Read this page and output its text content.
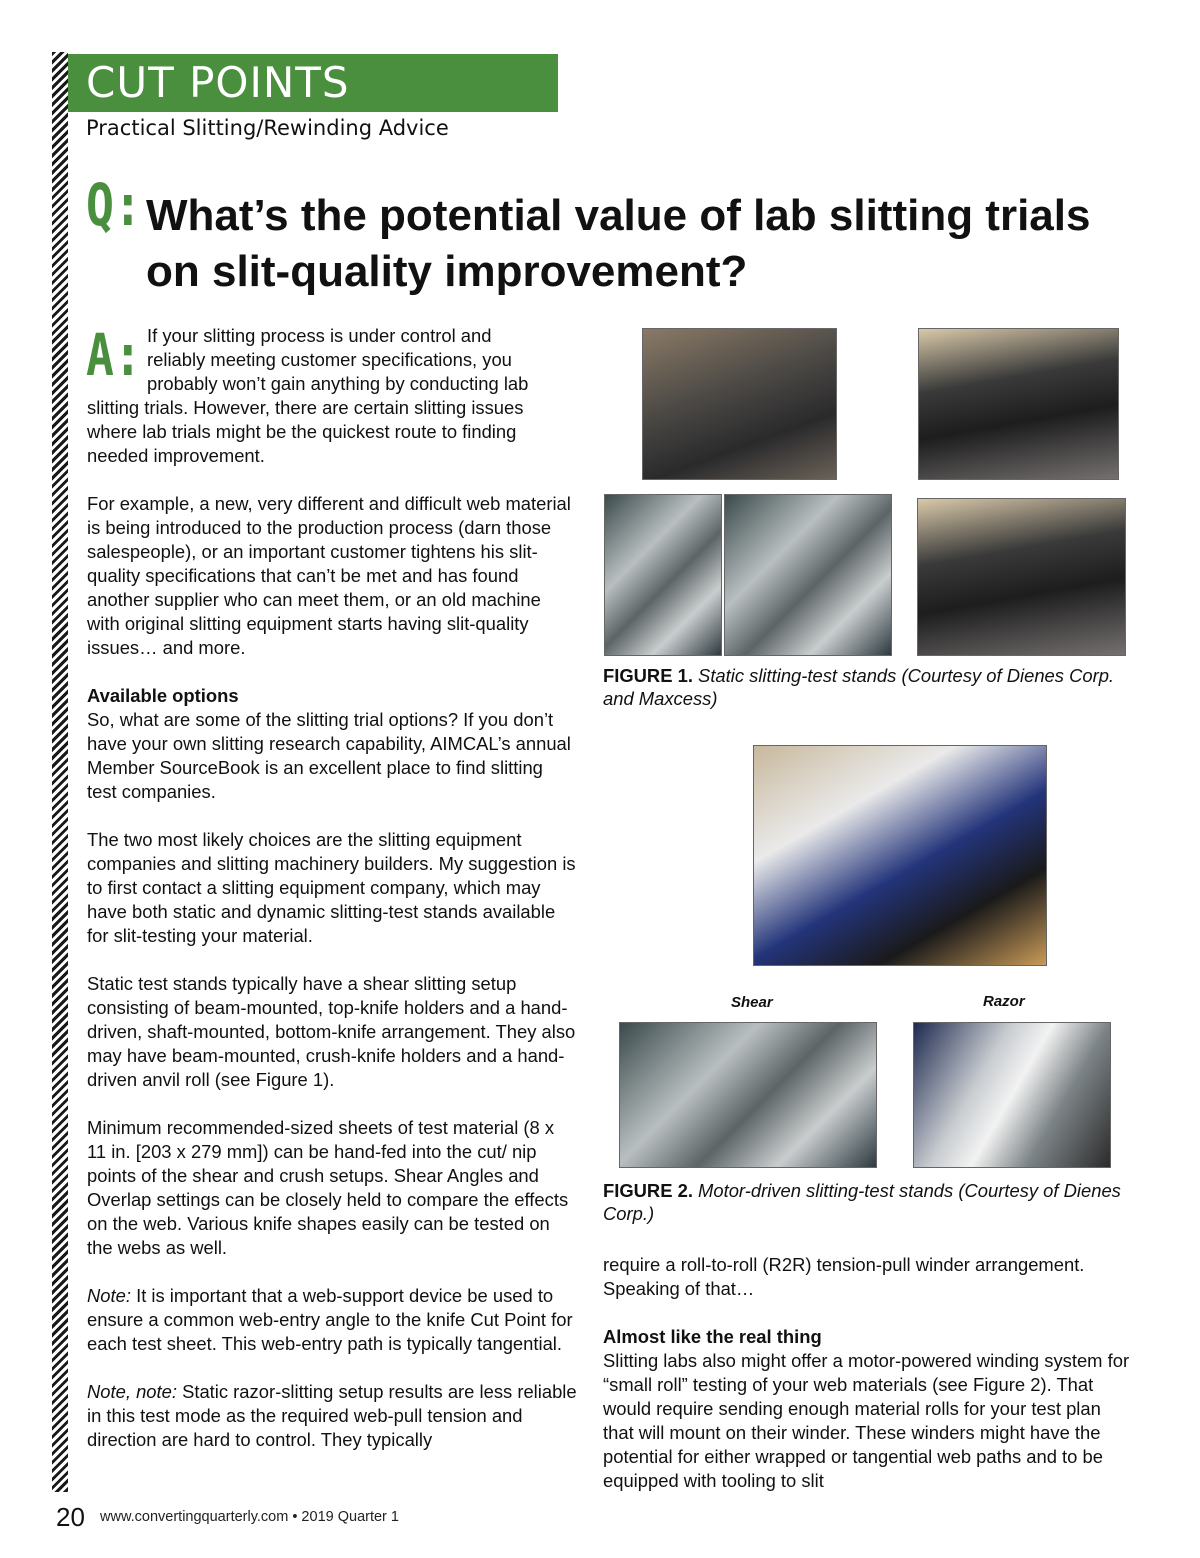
CUT POINTS
Practical Slitting/Rewinding Advice
Q: What’s the potential value of lab slitting trials on slit-quality improvement?
A: If your slitting process is under control and
reliably meeting customer specifications, you
probably won’t gain anything by conducting lab
slitting trials. However, there are certain slitting issues where lab trials might be the quickest route to finding needed improvement.

For example, a new, very different and difficult web material is being introduced to the production process (darn those salespeople), or an important customer tightens his slit-quality specifications that can’t be met and has found another supplier who can meet them, or an old machine with original slitting equipment starts having slit-quality issues… and more.

Available options

So, what are some of the slitting trial options? If you don’t have your own slitting research capability, AIMCAL’s annual Member SourceBook is an excellent place to find slitting test companies.

The two most likely choices are the slitting equipment companies and slitting machinery builders. My suggestion is to first contact a slitting equipment company, which may have both static and dynamic slitting-test stands available for slit-testing your material.

Static test stands typically have a shear slitting setup consisting of beam-mounted, top-knife holders and a hand-driven, shaft-mounted, bottom-knife arrangement. They also may have beam-mounted, crush-knife holders and a hand-driven anvil roll (see Figure 1).

Minimum recommended-sized sheets of test material (8 x 11 in. [203 x 279 mm]) can be hand-fed into the cut/ nip points of the shear and crush setups. Shear Angles and Overlap settings can be closely held to compare the effects on the web. Various knife shapes easily can be tested on the webs as well.

Note: It is important that a web-support device be used to ensure a common web-entry angle to the knife Cut Point for each test sheet. This web-entry path is typically tangential.

Note, note: Static razor-slitting setup results are less reliable in this test mode as the required web-pull tension and direction are hard to control. They typically

FIGURE 1. Static slitting-test stands (Courtesy of Dienes Corp. and Maxcess)
Shear	Razor
FIGURE 2. Motor-driven slitting-test stands (Courtesy of Dienes Corp.)

require a roll-to-roll (R2R) tension-pull winder arrangement. Speaking of that…

Almost like the real thing

Slitting labs also might offer a motor-powered winding system for “small roll” testing of your web materials (see Figure 2). That would require sending enough material rolls for your test plan that will mount on their winder. These winders might have the potential for either wrapped or tangential web paths and to be equipped with tooling to slit

20 www.convertingquarterly.com • 2019 Quarter 1
